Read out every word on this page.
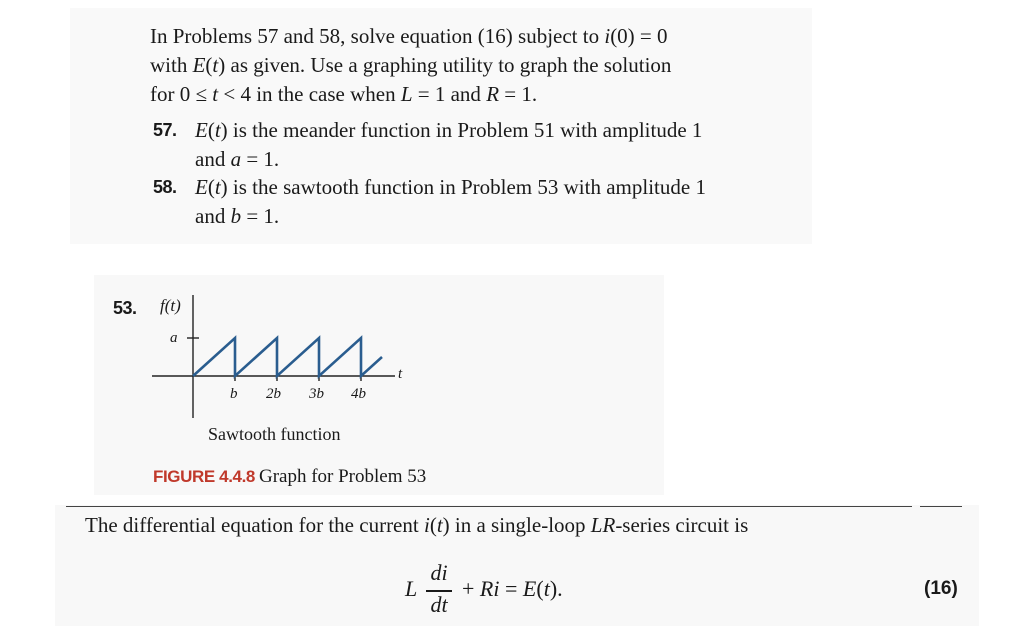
In Problems 57 and 58, solve equation (16) subject to i(0) = 0
with E(t) as given. Use a graphing utility to graph the solution
for 0 ≤ t < 4 in the case when L = 1 and R = 1.
57. E(t) is the meander function in Problem 51 with amplitude 1
and a = 1.
58. E(t) is the sawtooth function in Problem 53 with amplitude 1
and b = 1.
53. f(t)
t
a
b 2b 3b 4b
Sawtooth function
FIGURE 4.4.8 Graph for Problem 53
The differential equation for the current i(t) in a single-loop LR-series circuit is
L
di
dt
+ Ri = E(t).	(16)
